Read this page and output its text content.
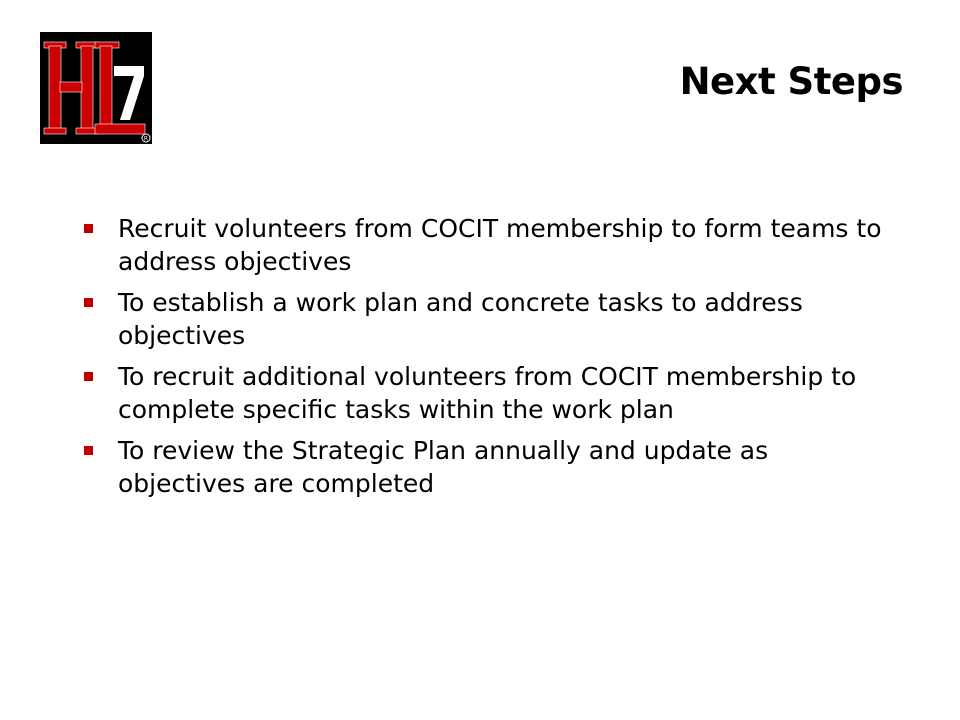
R
Next Steps
Recruit volunteers from COCIT membership to form teams to address objectives
To establish a work plan and concrete tasks to address objectives
To recruit additional volunteers from COCIT membership to complete specific tasks within the work plan
To review the Strategic Plan annually and update as objectives are completed
